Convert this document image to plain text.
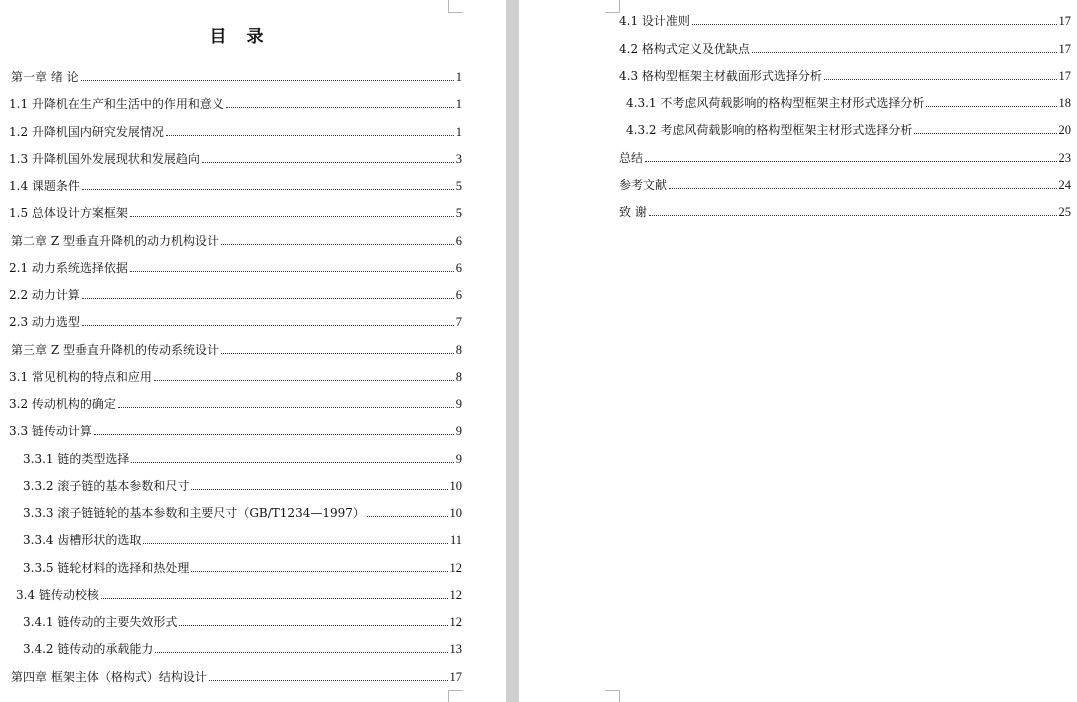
目 录
第一章 绪 论	1
1.1 升降机在生产和生活中的作用和意义	1
1.2 升降机国内研究发展情况	1
1.3 升降机国外发展现状和发展趋向	3
1.4 课题条件	5
1.5 总体设计方案框架	5
第二章 Z 型垂直升降机的动力机构设计	6
2.1 动力系统选择依据	6
2.2 动力计算	6
2.3 动力选型	7
第三章 Z 型垂直升降机的传动系统设计	8
3.1 常见机构的特点和应用	8
3.2 传动机构的确定	9
3.3 链传动计算	9
3.3.1 链的类型选择	9
3.3.2 滚子链的基本参数和尺寸	10
3.3.3 滚子链链轮的基本参数和主要尺寸（GB/T1234—1997）	10
3.3.4 齿槽形状的选取	11
3.3.5 链轮材料的选择和热处理	12
3.4 链传动校核	12
3.4.1 链传动的主要失效形式	12
3.4.2 链传动的承载能力	13
第四章 框架主体（格构式）结构设计	17
4.1 设计准则	17
4.2 格构式定义及优缺点	17
4.3 格构型框架主材截面形式选择分析	17
4.3.1 不考虑风荷载影响的格构型框架主材形式选择分析	18
4.3.2 考虑风荷载影响的格构型框架主材形式选择分析	20
总结	23
参考文献	24
致 谢	25
